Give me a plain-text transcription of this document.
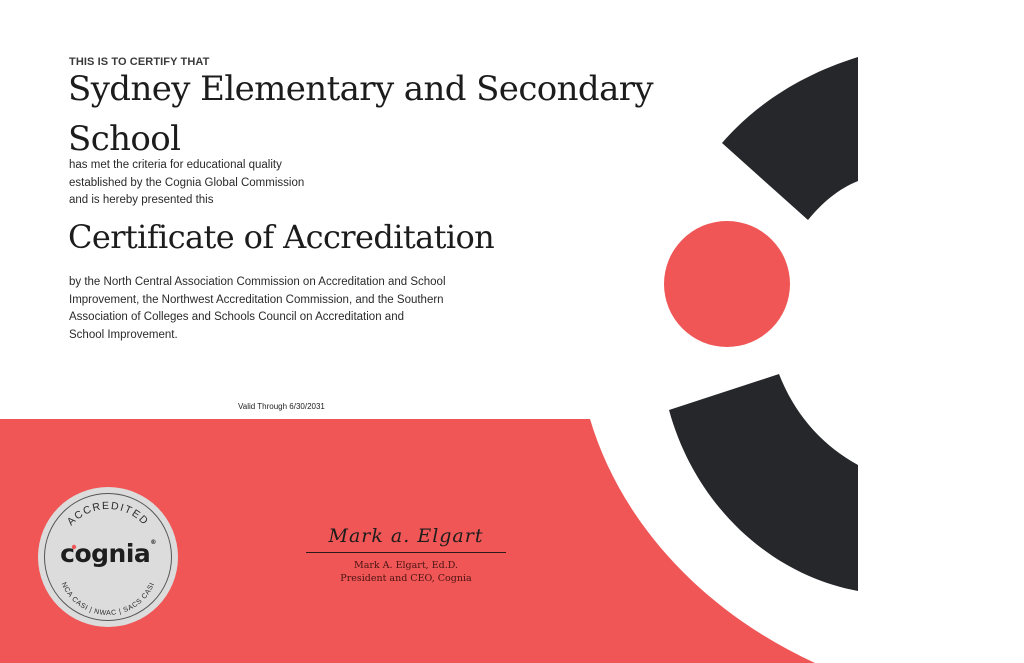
THIS IS TO CERTIFY THAT
Sydney Elementary and Secondary
School
has met the criteria for educational quality
established by the Cognia Global Commission
and is hereby presented this
Certificate of Accreditation
by the North Central Association Commission on Accreditation and School
Improvement, the Northwest Accreditation Commission, and the Southern
Association of Colleges and Schools Council on Accreditation and
School Improvement.
Valid Through 6/30/2031
ACCREDITED
NCA CASI | NWAC | SACS CASI
cognia®	Mark a. Elgart
Mark A. Elgart, Ed.D.
President and CEO, Cognia
